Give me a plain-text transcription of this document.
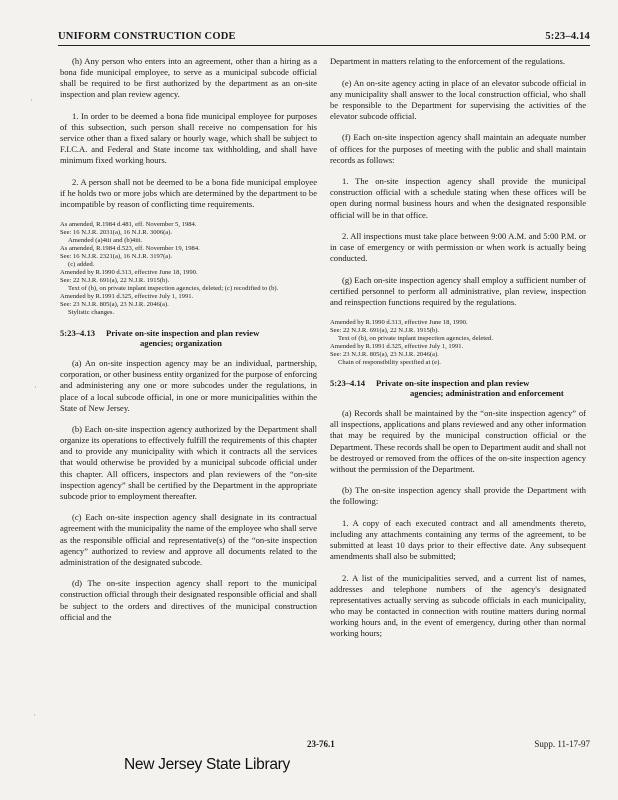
UNIFORM CONSTRUCTION CODE	5:23–4.14
·
·
·

(h) Any person who enters into an agreement, other than a hiring as a bona fide municipal employee, to serve as a municipal subcode official shall be required to be first authorized by the department as an on-site inspection and plan review agency.

1. In order to be deemed a bona fide municipal employee for purposes of this subsection, such person shall receive no compensation for his service other than a fixed salary or hourly wage, which shall be subject to F.I.C.A. and Federal and State income tax withholding, and shall have minimum fixed working hours.

2. A person shall not be deemed to be a bona fide municipal employee if he holds two or more jobs which are determined by the department to be incompatible by reason of conflicting time requirements.

As amended, R.1984 d.481, eff. November 5, 1984.
See: 16 N.J.R. 2031(a), 16 N.J.R. 3006(a).
Amended (a)4iii and (b)4iii.
As amended, R.1984 d.523, eff. November 19, 1984.
See: 16 N.J.R. 2321(a), 16 N.J.R. 3197(a).
(c) added.
Amended by R.1990 d.313, effective June 18, 1990.
See: 22 N.J.R. 691(a), 22 N.J.R. 1915(b).
Text of (b), on private inplant inspection agencies, deleted; (c) recodified to (b).
Amended by R.1991 d.325, effective July 1, 1991.
See: 23 N.J.R. 805(a), 23 N.J.R. 2046(a).
Stylistic changes.
5:23–4.13 Private on-site inspection and plan review
agencies; organization

(a) An on-site inspection agency may be an individual, partnership, corporation, or other business entity organized for the purpose of enforcing and administering any one or more subcodes under the regulations, in place of a local subcode official, in one or more municipalities within the State of New Jersey.

(b) Each on-site inspection agency authorized by the Department shall organize its operations to effectively fulfill the requirements of this chapter and to provide any municipality with which it contracts all the services that would otherwise be provided by a municipal subcode official under this chapter. All officers, inspectors and plan reviewers of the “on-site inspection agency” shall be certified by the Department in the appropriate subcode prior to employment thereafter.

(c) Each on-site inspection agency shall designate in its contractual agreement with the municipality the name of the employee who shall serve as the responsible official and representative(s) of the “on-site inspection agency” authorized to review and approve all documents related to the administration of the designated subcode.

(d) The on-site inspection agency shall report to the municipal construction official through their designated responsible official and shall be subject to the orders and directives of the municipal construction official and the

Department in matters relating to the enforcement of the regulations.

(e) An on-site agency acting in place of an elevator subcode official in any municipality shall answer to the local construction official, who shall be responsible to the Department for supervising the activities of the elevator subcode official.

(f) Each on-site inspection agency shall maintain an adequate number of offices for the purposes of meeting with the public and shall maintain records as follows:

1. The on-site inspection agency shall provide the municipal construction official with a schedule stating when these offices will be open during normal business hours and when the designated responsible official will be in that office.

2. All inspections must take place between 9:00 A.M. and 5:00 P.M. or in case of emergency or with permission or when work is actually being conducted.

(g) Each on-site inspection agency shall employ a sufficient number of certified personnel to perform all administrative, plan review, inspection and reinspection functions required by the regulations.

Amended by R.1990 d.313, effective June 18, 1990.
See: 22 N.J.R. 691(a), 22 N.J.R. 1915(b).
Text of (b), on private inplant inspection agencies, deleted.
Amended by R.1991 d.325, effective July 1, 1991.
See: 23 N.J.R. 805(a), 23 N.J.R. 2046(a).
Chain of responsibility specified at (e).
5:23–4.14 Private on-site inspection and plan review
agencies; administration and enforcement

(a) Records shall be maintained by the “on-site inspection agency” of all inspections, applications and plans reviewed and any other information that may be required by the municipal construction official or the Department. These records shall be open to Department audit and shall not be destroyed or removed from the offices of the on-site inspection agency without the permission of the Department.

(b) The on-site inspection agency shall provide the Department with the following:

1. A copy of each executed contract and all amendments thereto, including any attachments containing any terms of the agreement, to be submitted at least 10 days prior to their effective date. Any subsequent amendments shall also be submitted;

2. A list of the municipalities served, and a current list of names, addresses and telephone numbers of the agency's designated representatives actually serving as subcode officials in each municipality, who may be contacted in connection with routine matters during normal working hours and, in the event of emergency, during other than normal working hours;

23-76.1	Supp. 11-17-97
New Jersey State Library
